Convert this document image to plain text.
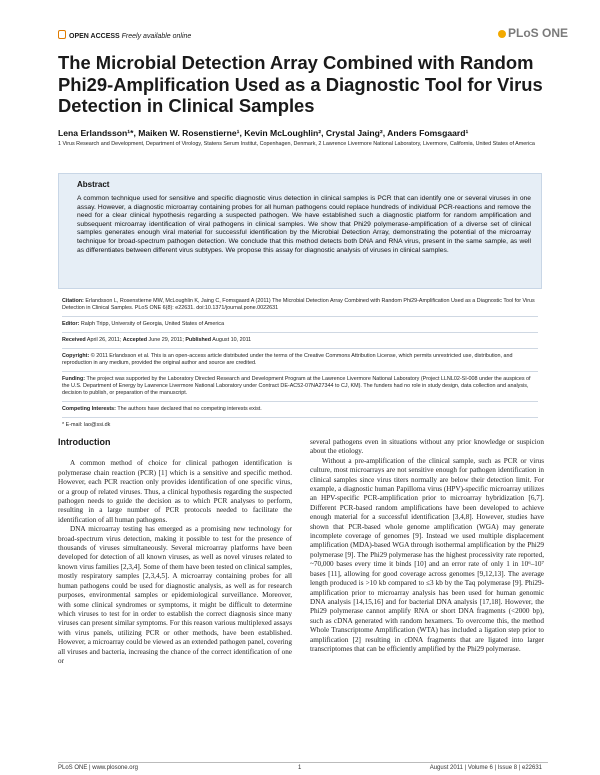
OPEN ACCESS Freely available online	PLoS ONE
The Microbial Detection Array Combined with Random Phi29-Amplification Used as a Diagnostic Tool for Virus Detection in Clinical Samples
Lena Erlandsson¹*, Maiken W. Rosenstierne¹, Kevin McLoughlin², Crystal Jaing², Anders Fomsgaard¹
1 Virus Research and Development, Department of Virology, Statens Serum Institut, Copenhagen, Denmark, 2 Lawrence Livermore National Laboratory, Livermore, California, United States of America
Abstract

A common technique used for sensitive and specific diagnostic virus detection in clinical samples is PCR that can identify one or several viruses in one assay. However, a diagnostic microarray containing probes for all human pathogens could replace hundreds of individual PCR-reactions and remove the need for a clear clinical hypothesis regarding a suspected pathogen. We have established such a diagnostic platform for random amplification and subsequent microarray identification of viral pathogens in clinical samples. We show that Phi29 polymerase-amplification of a diverse set of clinical samples generates enough viral material for successful identification by the Microbial Detection Array, demonstrating the potential of the microarray technique for broad-spectrum pathogen detection. We conclude that this method detects both DNA and RNA virus, present in the same sample, as well as differentiates between different virus subtypes. We propose this assay for diagnostic analysis of viruses in clinical samples.

Citation: Erlandsson L, Rosenstierne MW, McLoughlin K, Jaing C, Fomsgaard A (2011) The Microbial Detection Array Combined with Random Phi29-Amplification Used as a Diagnostic Tool for Virus Detection in Clinical Samples. PLoS ONE 6(8): e22631. doi:10.1371/journal.pone.0022631
Editor: Ralph Tripp, University of Georgia, United States of America
Received April 26, 2011; Accepted June 29, 2011; Published August 10, 2011
Copyright: © 2011 Erlandsson et al. This is an open-access article distributed under the terms of the Creative Commons Attribution License, which permits unrestricted use, distribution, and reproduction in any medium, provided the original author and source are credited.
Funding: The project was supported by the Laboratory Directed Research and Development Program at the Lawrence Livermore National Laboratory (Project LLNL02-SI-008 under the auspices of the U.S. Department of Energy by Lawrence Livermore National Laboratory under Contract DE-AC52-07NA27344 to CJ, KM). The funders had no role in study design, data collection and analysis, decision to publish, or preparation of the manuscript.
Competing Interests: The authors have declared that no competing interests exist.
* E-mail: lao@ssi.dk
Introduction

A common method of choice for clinical pathogen identification is polymerase chain reaction (PCR) [1] which is a sensitive and specific method. However, each PCR reaction only provides identification of one specific virus, or a group of related viruses. Thus, a clinical hypothesis regarding the suspected pathogen needs to guide the decision as to which PCR analyses to perform, resulting in a large number of PCR protocols needed to facilitate the identification of all human pathogens.

DNA microarray testing has emerged as a promising new technology for broad-spectrum virus detection, making it possible to test for the presence of thousands of viruses simultaneously. Several microarray platforms have been developed for detection of all known viruses, as well as novel viruses related to known virus families [2,3,4]. Some of them have been tested on clinical samples, mostly respiratory samples [2,3,4,5]. A microarray containing probes for all human pathogens could be used for diagnostic analysis, as well as for research purposes, environmental samples or epidemiological surveillance. Moreover, with some clinical syndromes or symptoms, it might be difficult to determine which viruses to test for in order to establish the correct diagnosis since many viruses can present similar symptoms. For this reason various multiplexed assays with virus panels, utilizing PCR or other methods, have been established. However, a microarray could be viewed as an extended pathogen panel, covering all viruses and bacteria, increasing the chance of the correct identification of one or

several pathogens even in situations without any prior knowledge or suspicion about the etiology.

Without a pre-amplification of the clinical sample, such as PCR or virus culture, most microarrays are not sensitive enough for pathogen identification in clinical samples since virus titers normally are below their detection limit. For example, a diagnostic human Papilloma virus (HPV)-specific microarray utilizes an HPV-specific PCR-amplification prior to microarray hybridization [6,7]. Different PCR-based random amplifications have been developed to achieve enough material for a successful identification [3,4,8]. However, studies have shown that PCR-based whole genome amplification (WGA) may generate incomplete coverage of genomes [9]. Instead we used multiple displacement amplification (MDA)-based WGA through isothermal amplification by the Phi29 polymerase [9]. The Phi29 polymerase has the highest processivity rate reported, ~70,000 bases every time it binds [10] and an error rate of only 1 in 10⁶–10⁷ bases [11], allowing for good coverage across genomes [9,12,13]. The average length produced is >10 kb compared to ≤3 kb by the Taq polymerase [9]. Phi29-amplification prior to microarray analysis has been used for human genomic DNA analysis [14,15,16] and for bacterial DNA analysis [17,18]. However, the Phi29 polymerase cannot amplify RNA or short DNA fragments (<2000 bp), such as cDNA generated with random hexamers. To overcome this, the method Whole Transcriptome Amplification (WTA) has included a ligation step prior to amplification [2] resulting in cDNA fragments that are ligated into larger transcriptomes that can be efficiently amplified by the Phi29 polymerase.

PLoS ONE | www.plosone.org	1	August 2011 | Volume 6 | Issue 8 | e22631
